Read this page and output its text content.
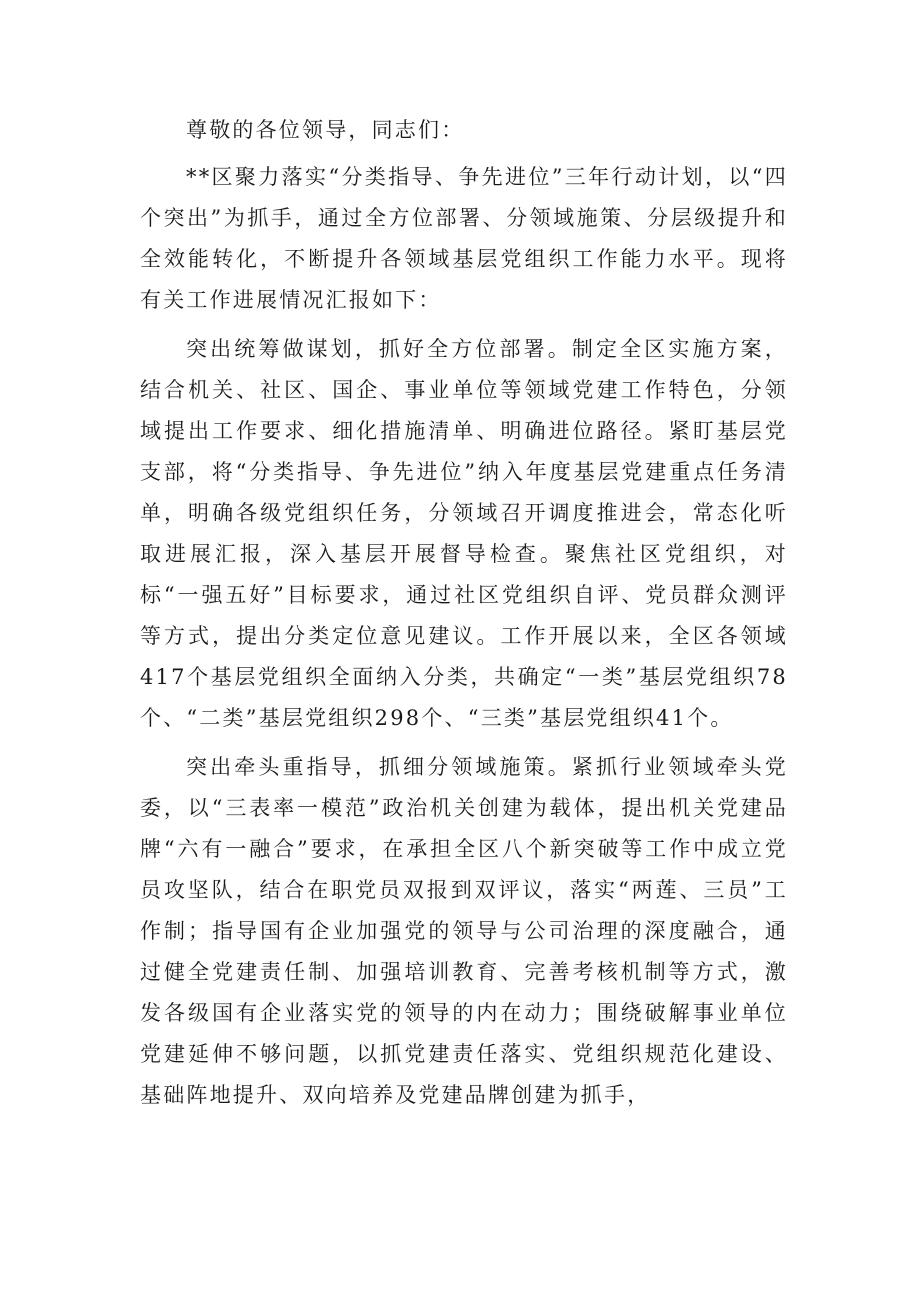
尊敬的各位领导，同志们：

**区聚力落实“分类指导、争先进位”三年行动计划，以“四个突出”为抓手，通过全方位部署、分领域施策、分层级提升和全效能转化，不断提升各领域基层党组织工作能力水平。现将有关工作进展情况汇报如下：

突出统筹做谋划，抓好全方位部署。制定全区实施方案，结合机关、社区、国企、事业单位等领域党建工作特色，分领域提出工作要求、细化措施清单、明确进位路径。紧盯基层党支部，将“分类指导、争先进位”纳入年度基层党建重点任务清单，明确各级党组织任务，分领域召开调度推进会，常态化听取进展汇报，深入基层开展督导检查。聚焦社区党组织，对标“一强五好”目标要求，通过社区党组织自评、党员群众测评等方式，提出分类定位意见建议。工作开展以来，全区各领域417个基层党组织全面纳入分类，共确定“一类”基层党组织78个、“二类”基层党组织298个、“三类”基层党组织41个。

突出牵头重指导，抓细分领域施策。紧抓行业领域牵头党委，以“三表率一模范”政治机关创建为载体，提出机关党建品牌“六有一融合”要求，在承担全区八个新突破等工作中成立党员攻坚队，结合在职党员双报到双评议，落实“两莲、三员”工作制；指导国有企业加强党的领导与公司治理的深度融合，通过健全党建责任制、加强培训教育、完善考核机制等方式，激发各级国有企业落实党的领导的内在动力；围绕破解事业单位党建延伸不够问题，以抓党建责任落实、党组织规范化建设、基础阵地提升、双向培养及党建品牌创建为抓手，
